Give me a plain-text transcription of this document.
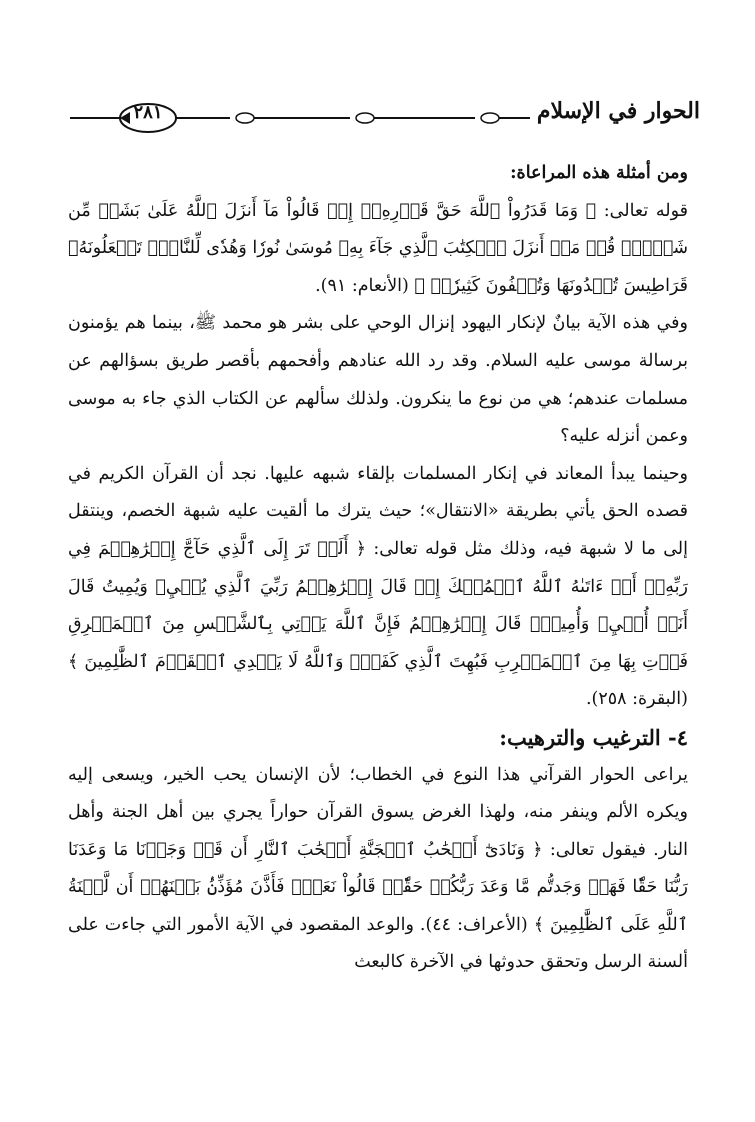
الحوار في الإسلام
٢٨١

ومن أمثلة هذه المراعاة:

قوله تعالى: ﴿ وَمَا قَدَرُواْ ٱللَّهَ حَقَّ قَدۡرِهِۦٓ إِذۡ قَالُواْ مَآ أَنزَلَ ٱللَّهُ عَلَىٰ بَشَرٖ مِّن شَيۡءٖۗ قُلۡ مَنۡ أَنزَلَ ٱلۡكِتَٰبَ ٱلَّذِي جَآءَ بِهِۦ مُوسَىٰ نُورٗا وَهُدٗى لِّلنَّاسِۖ تَجۡعَلُونَهُۥ قَرَاطِيسَ تُبۡدُونَهَا وَتُخۡفُونَ كَثِيرٗاۖ ﴾ (الأنعام: ٩١).

وفي هذه الآية بيانٌ لإنكار اليهود إنزال الوحي على بشر هو محمد ﷺ، بينما هم يؤمنون برسالة موسى عليه السلام. وقد رد الله عنادهم وأفحمهم بأقصر طريق بسؤالهم عن مسلمات عندهم؛ هي من نوع ما ينكرون. ولذلك سألهم عن الكتاب الذي جاء به موسى وعمن أنزله عليه؟

وحينما يبدأ المعاند في إنكار المسلمات بإلقاء شبهه عليها. نجد أن القرآن الكريم في قصده الحق يأتي بطريقة «الانتقال»؛ حيث يترك ما ألقيت عليه شبهة الخصم، وينتقل إلى ما لا شبهة فيه، وذلك مثل قوله تعالى: ﴿ أَلَمۡ تَرَ إِلَى ٱلَّذِي حَآجَّ إِبۡرَٰهِـۧمَ فِي رَبِّهِۦٓ أَنۡ ءَاتَىٰهُ ٱللَّهُ ٱلۡمُلۡكَ إِذۡ قَالَ إِبۡرَٰهِـۧمُ رَبِّيَ ٱلَّذِي يُحۡيِۦ وَيُمِيتُ قَالَ أَنَا۠ أُحۡيِۦ وَأُمِيتُۖ قَالَ إِبۡرَٰهِـۧمُ فَإِنَّ ٱللَّهَ يَأۡتِي بِٱلشَّمۡسِ مِنَ ٱلۡمَشۡرِقِ فَأۡتِ بِهَا مِنَ ٱلۡمَغۡرِبِ فَبُهِتَ ٱلَّذِي كَفَرَۗ وَٱللَّهُ لَا يَهۡدِي ٱلۡقَوۡمَ ٱلظَّٰلِمِينَ ﴾ (البقرة: ٢٥٨).

٤- الترغيب والترهيب:

يراعى الحوار القرآني هذا النوع في الخطاب؛ لأن الإنسان يحب الخير، ويسعى إليه ويكره الألم وينفر منه، ولهذا الغرض يسوق القرآن حواراً يجري بين أهل الجنة وأهل النار. فيقول تعالى: ﴿ وَنَادَىٰٓ أَصۡحَٰبُ ٱلۡجَنَّةِ أَصۡحَٰبَ ٱلنَّارِ أَن قَدۡ وَجَدۡنَا مَا وَعَدَنَا رَبُّنَا حَقّٗا فَهَلۡ وَجَدتُّم مَّا وَعَدَ رَبُّكُمۡ حَقّٗاۖ قَالُواْ نَعَمۡۚ فَأَذَّنَ مُؤَذِّنُۢ بَيۡنَهُمۡ أَن لَّعۡنَةُ ٱللَّهِ عَلَى ٱلظَّٰلِمِينَ ﴾ (الأعراف: ٤٤). والوعد المقصود في الآية الأمور التي جاءت على ألسنة الرسل وتحقق حدوثها في الآخرة كالبعث
